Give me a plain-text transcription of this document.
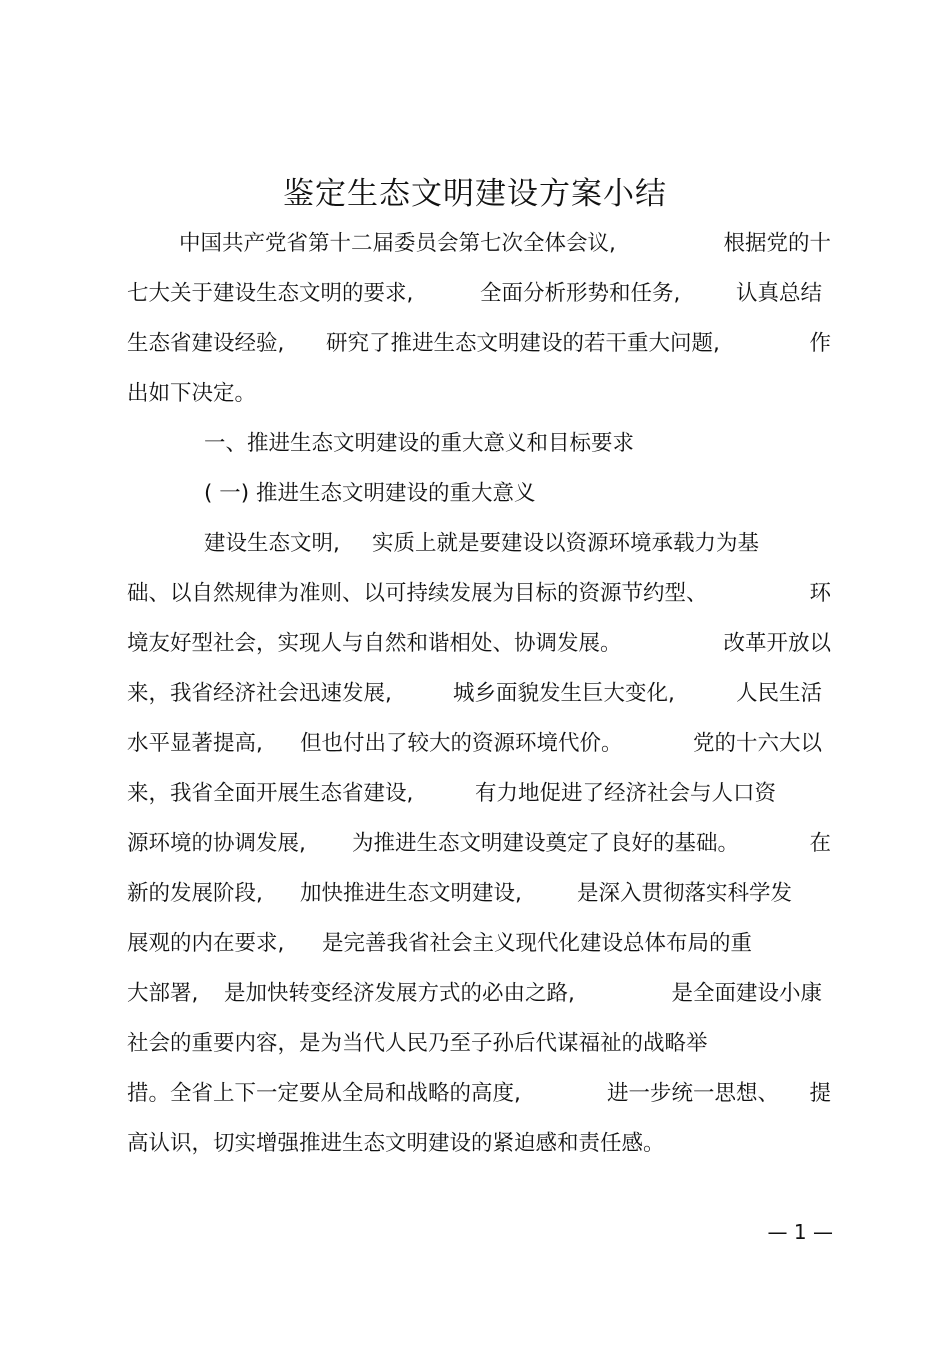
鉴定生态文明建设方案小结
中国共产党省第十二届委员会第七次全体会议,	根据党的十
七大关于建设生态文明的要求,	全面分析形势和任务,	认真总结
生态省建设经验, 研究了推进生态文明建设的若干重大问题,	作
出如下决定。
一、推进生态文明建设的重大意义和目标要求
( 一) 推进生态文明建设的重大意义
建设生态文明, 实质上就是要建设以资源环境承载力为基
础、以自然规律为准则、以可持续发展为目标的资源节约型、	环
境友好型社会，实现人与自然和谐相处、协调发展。	改革开放以
来，我省经济社会迅速发展,	城乡面貌发生巨大变化,	人民生活
水平显著提高, 但也付出了较大的资源环境代价。	党的十六大以
来，我省全面开展生态省建设,	有力地促进了经济社会与人口资
源环境的协调发展, 为推进生态文明建设奠定了良好的基础。	在
新的发展阶段, 加快推进生态文明建设,	是深入贯彻落实科学发
展观的内在要求, 是完善我省社会主义现代化建设总体布局的重
大部署, 是加快转变经济发展方式的必由之路,	是全面建设小康
社会的重要内容，是为当代人民乃至子孙后代谋福祉的战略举
措。全省上下一定要从全局和战略的高度,	进一步统一思想、 提
高认识，切实增强推进生态文明建设的紧迫感和责任感。
— 1 —
